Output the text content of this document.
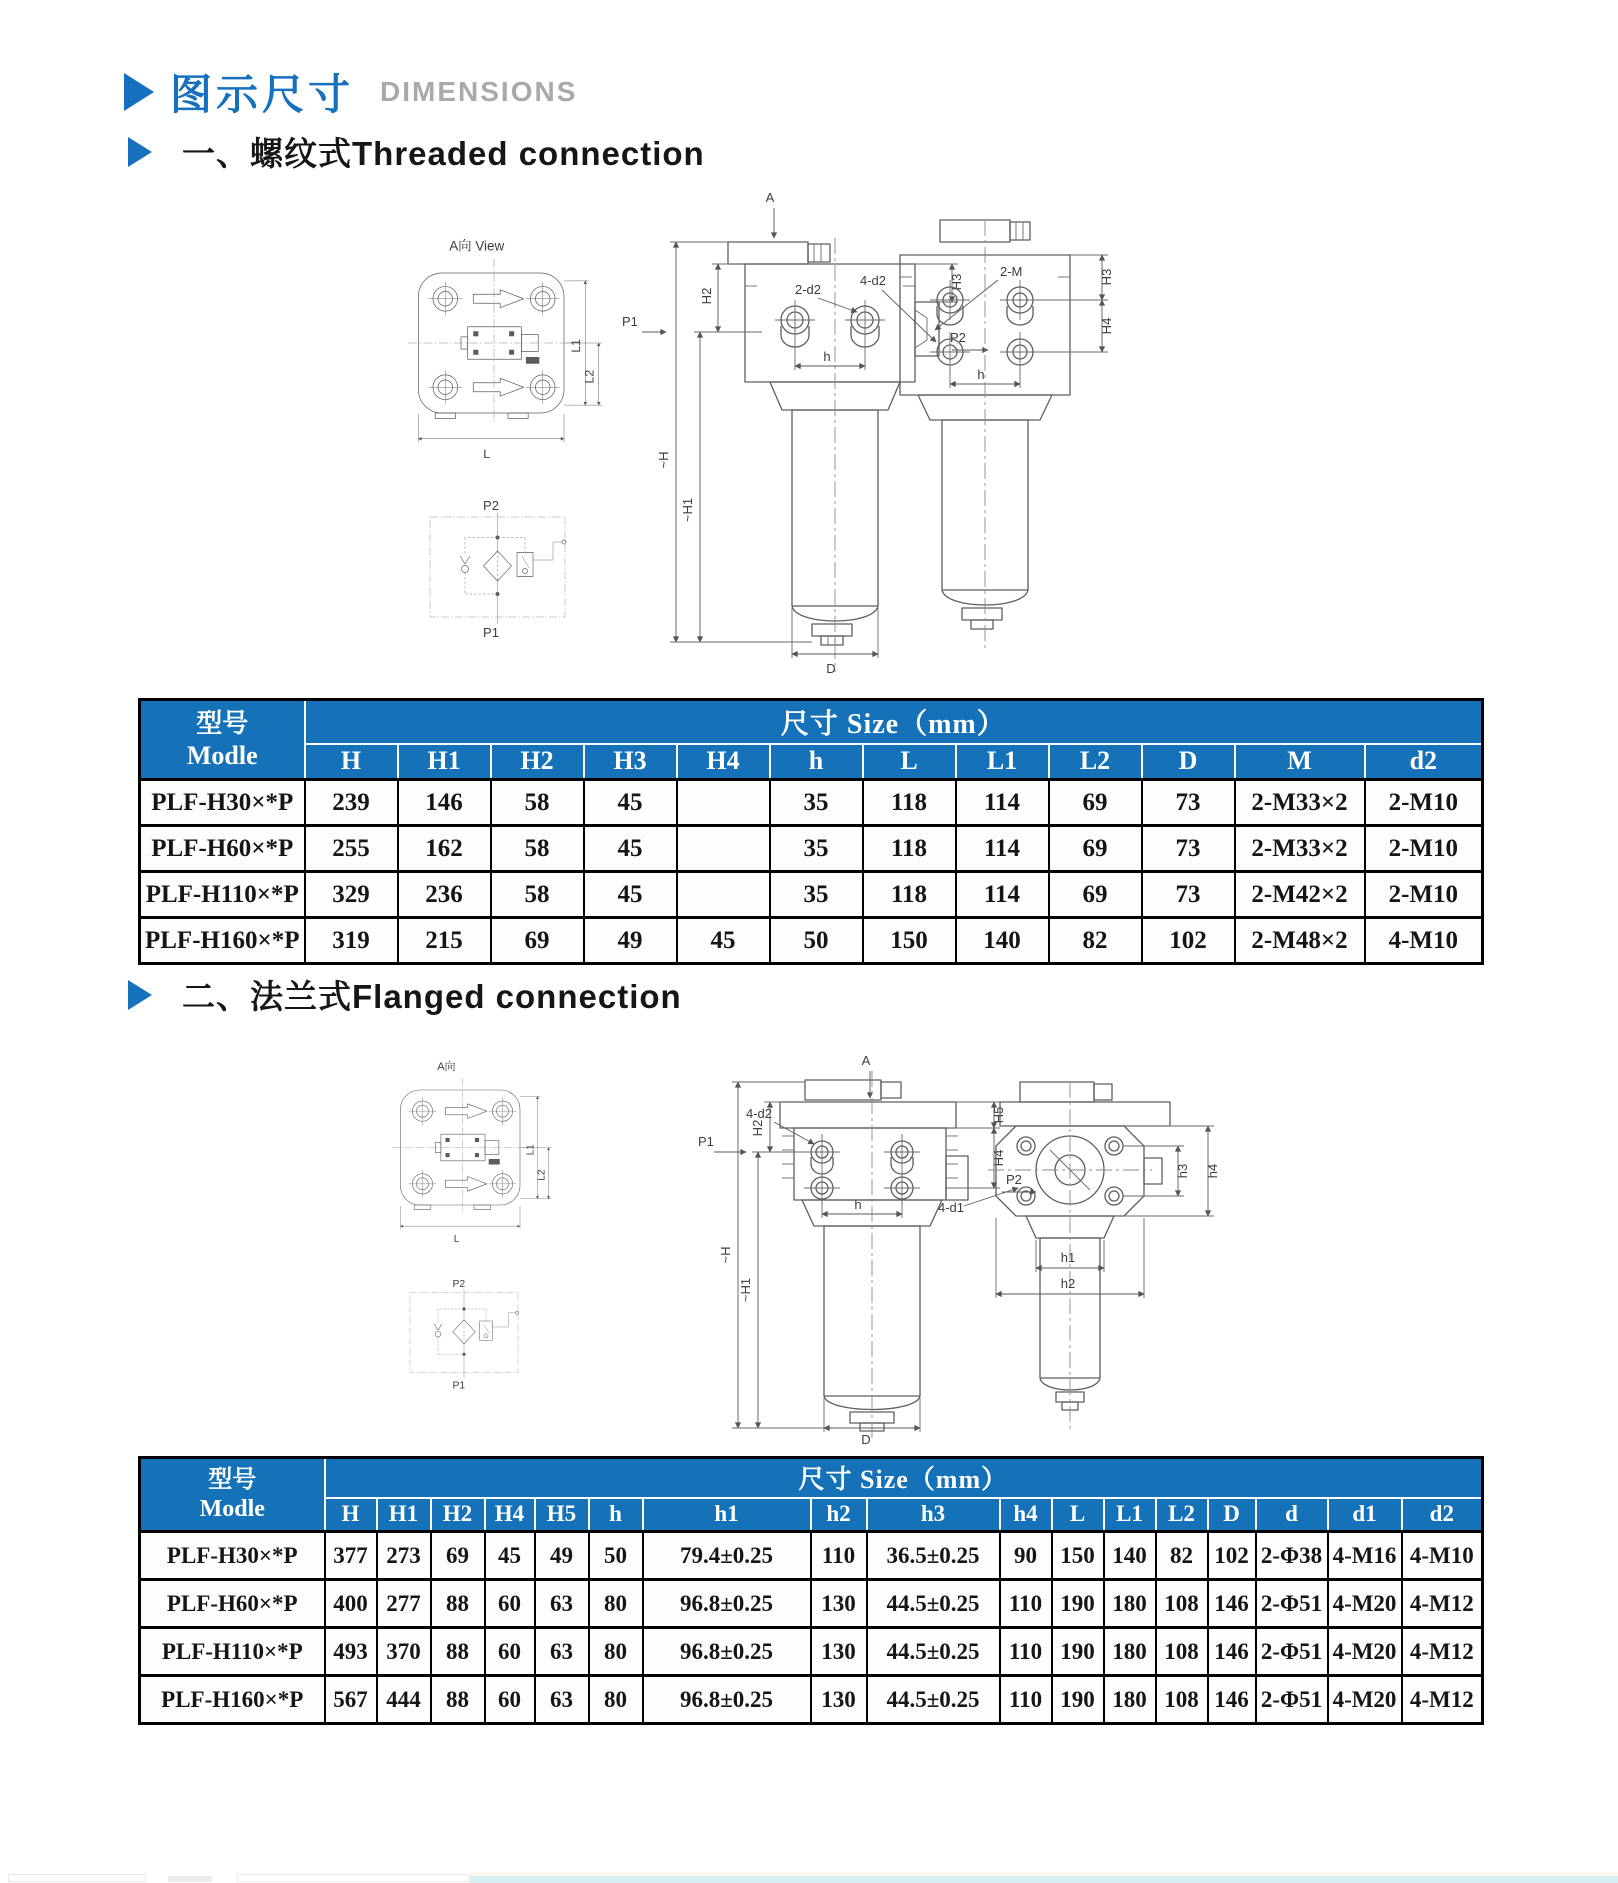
图示尺寸 DIMENSIONS
一、螺纹式Threaded connection
A向 View
L1
L2
L
P2
P1
A
~H
~H1
H2
P1
H3
2-M
P2
2-d2
h
D
h
H3
H4
4-d2
型号
Modle	尺寸 Size（mm）											
	H	H1	H2	H3	H4	h	L	L1	L2	D	M	d2
PLF-H30×*P	239	146	58	45		35	118	114	69	73	2-M33×2	2-M10
PLF-H60×*P	255	162	58	45		35	118	114	69	73	2-M33×2	2-M10
PLF-H110×*P	329	236	58	45		35	118	114	69	73	2-M42×2	2-M10
PLF-H160×*P	319	215	69	49	45	50	150	140	82	102	2-M48×2	4-M10
二、法兰式Flanged connection
A向
L1
L2
L
P2
P1
A
~H
~H1
H2
P1
H5
H4
P2
4-d2
h
D
4-d1
h1
h2
h3 h4
型号
Modle	尺寸 Size（mm）																
	H	H1	H2	H4	H5	h	h1	h2	h3	h4	L	L1	L2	D	d	d1	d2
PLF-H30×*P	377	273	69	45	49	50	79.4±0.25	110	36.5±0.25	90	150	140	82	102	2-Φ38	4-M16	4-M10
PLF-H60×*P	400	277	88	60	63	80	96.8±0.25	130	44.5±0.25	110	190	180	108	146	2-Φ51	4-M20	4-M12
PLF-H110×*P	493	370	88	60	63	80	96.8±0.25	130	44.5±0.25	110	190	180	108	146	2-Φ51	4-M20	4-M12
PLF-H160×*P	567	444	88	60	63	80	96.8±0.25	130	44.5±0.25	110	190	180	108	146	2-Φ51	4-M20	4-M12
